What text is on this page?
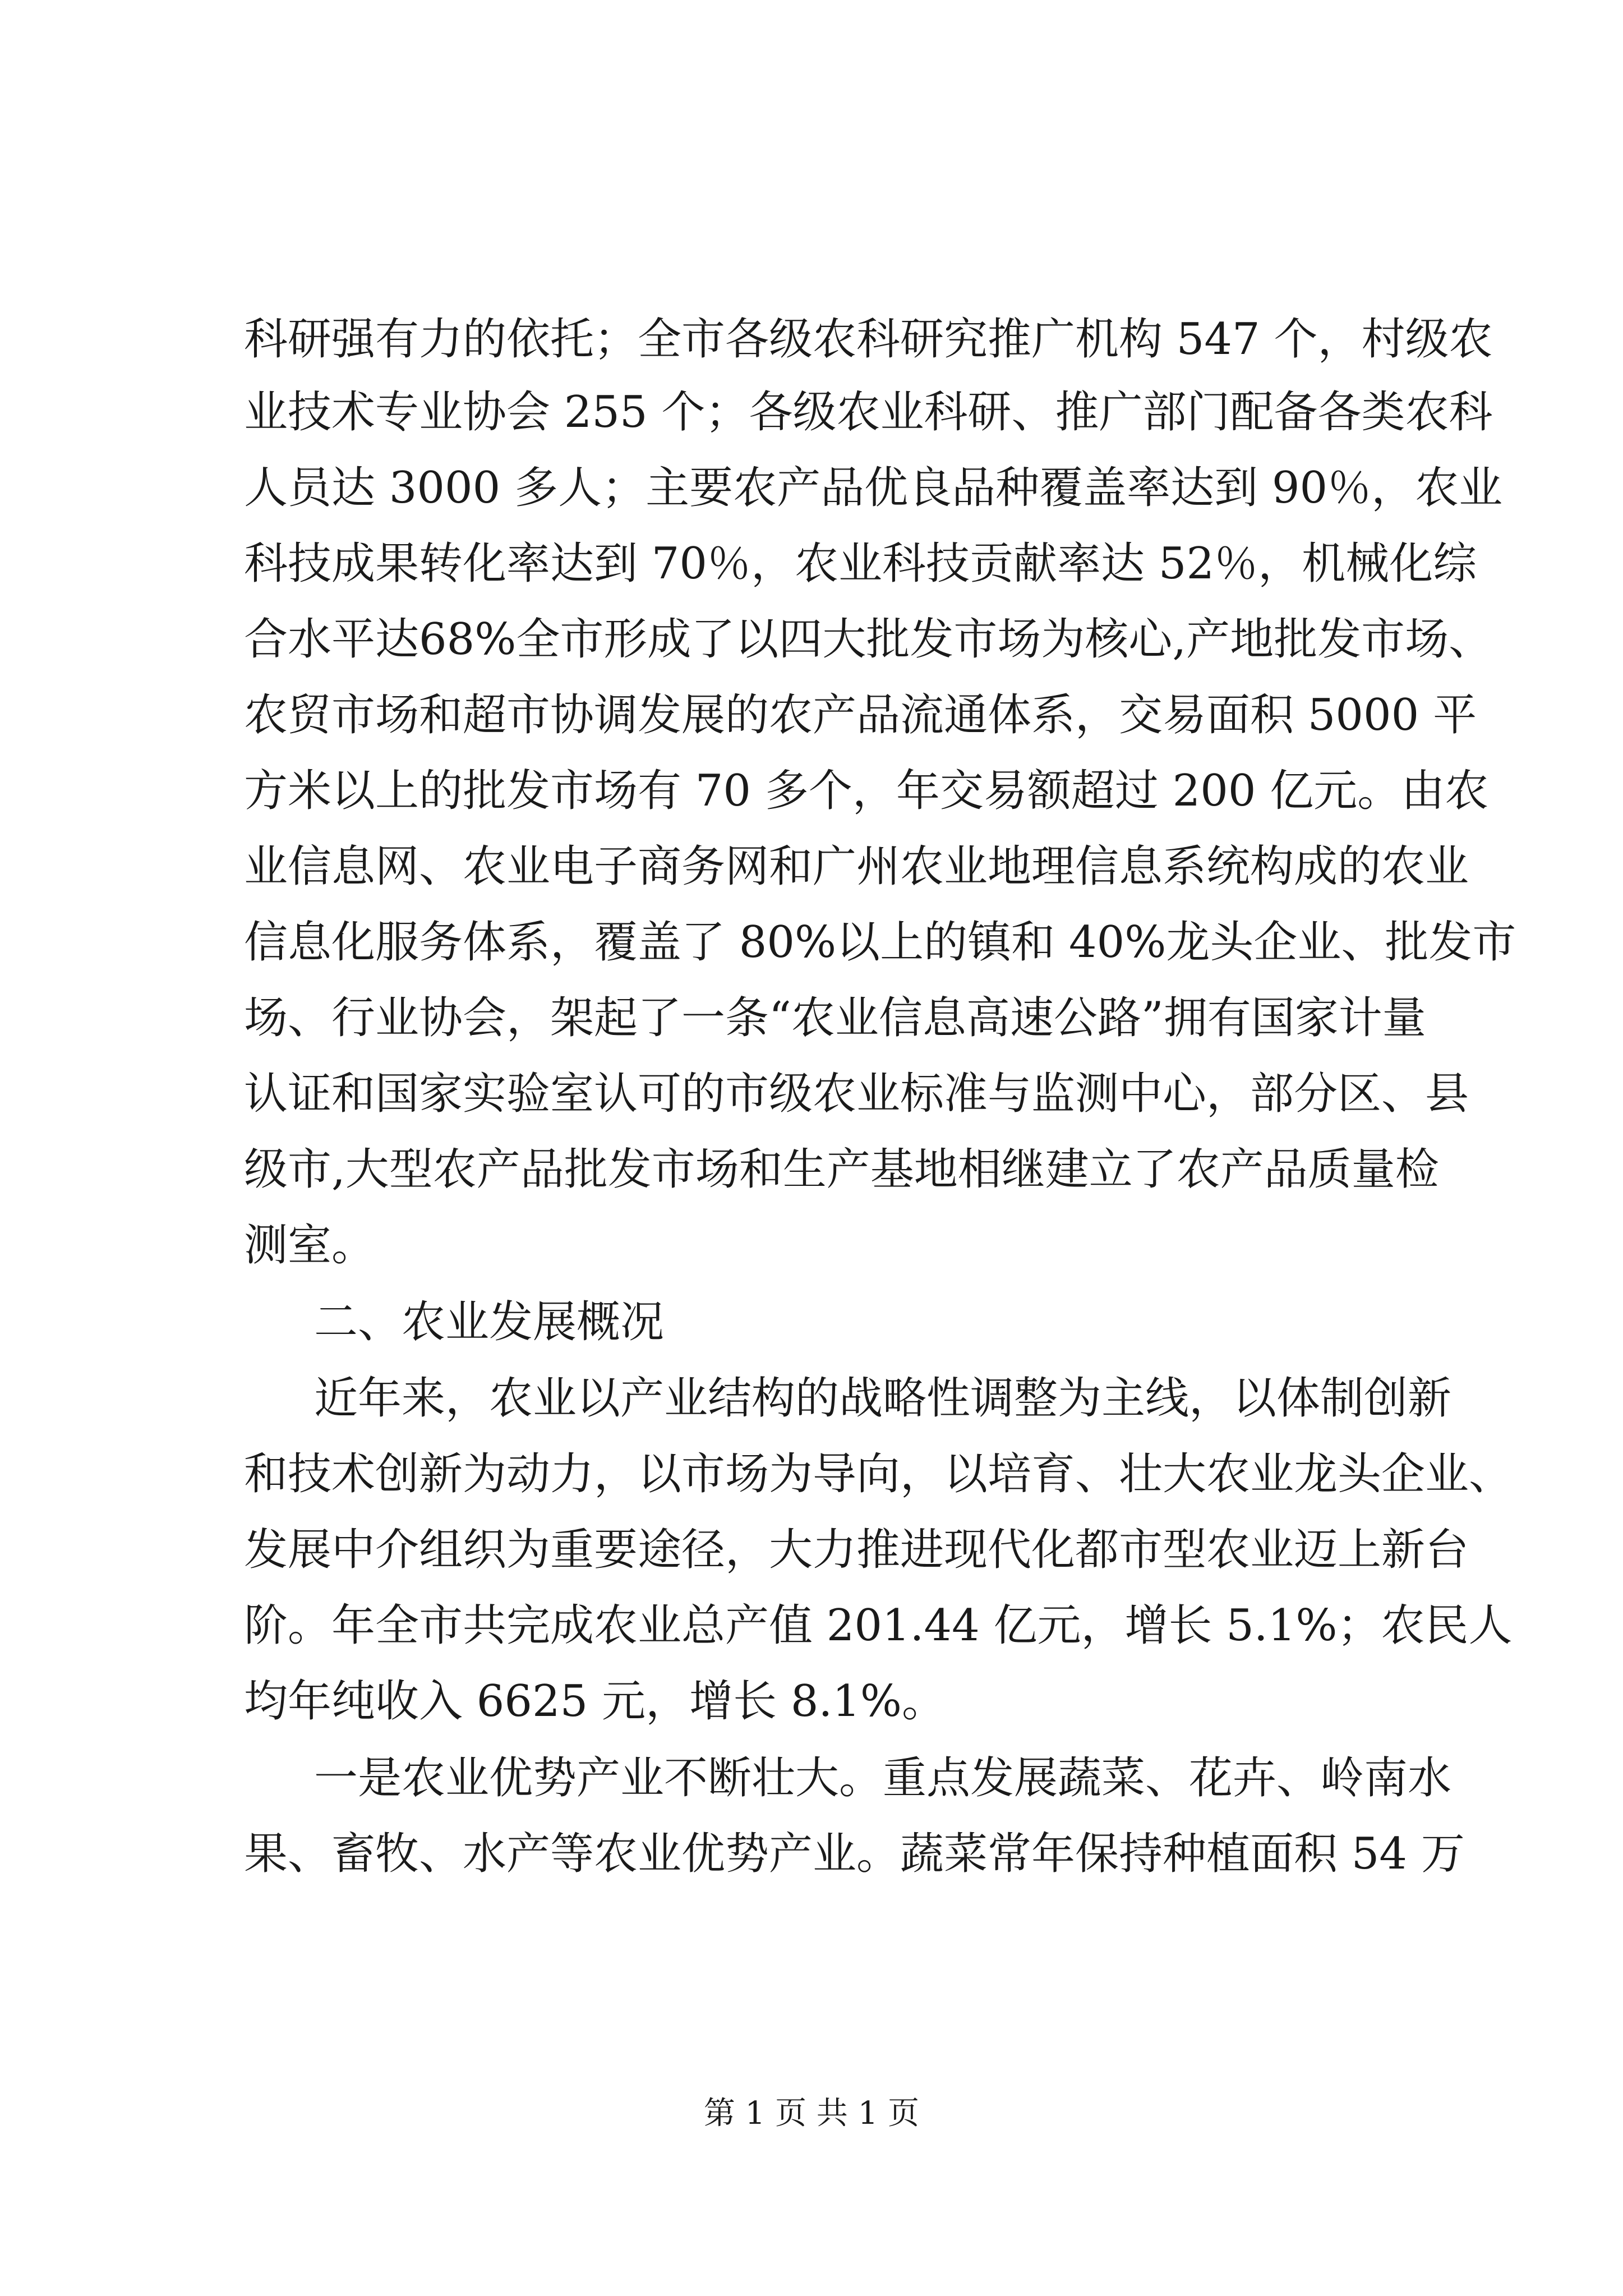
科研强有力的依托；全市各级农科研究推广机构 547 个，村级农
业技术专业协会 255 个；各级农业科研、推广部门配备各类农科
人员达 3000 多人；主要农产品优良品种覆盖率达到 90％，农业
科技成果转化率达到 70％，农业科技贡献率达 52％，机械化综
合水平达68%全市形成了以四大批发市场为核心,产地批发市场、
农贸市场和超市协调发展的农产品流通体系，交易面积 5000 平
方米以上的批发市场有 70 多个，年交易额超过 200 亿元。由农
业信息网、农业电子商务网和广州农业地理信息系统构成的农业
信息化服务体系，覆盖了 80%以上的镇和 40%龙头企业、批发市
场、行业协会，架起了一条“农业信息高速公路”拥有国家计量
认证和国家实验室认可的市级农业标准与监测中心，部分区、县
级市,大型农产品批发市场和生产基地相继建立了农产品质量检
测室。
二、农业发展概况
近年来，农业以产业结构的战略性调整为主线，以体制创新
和技术创新为动力，以市场为导向，以培育、壮大农业龙头企业、
发展中介组织为重要途径，大力推进现代化都市型农业迈上新台
阶。年全市共完成农业总产值 201.44 亿元，增长 5.1%；农民人
均年纯收入 6625 元，增长 8.1%。
一是农业优势产业不断壮大。重点发展蔬菜、花卉、岭南水
果、畜牧、水产等农业优势产业。蔬菜常年保持种植面积 54 万
第 1 页 共 1 页
